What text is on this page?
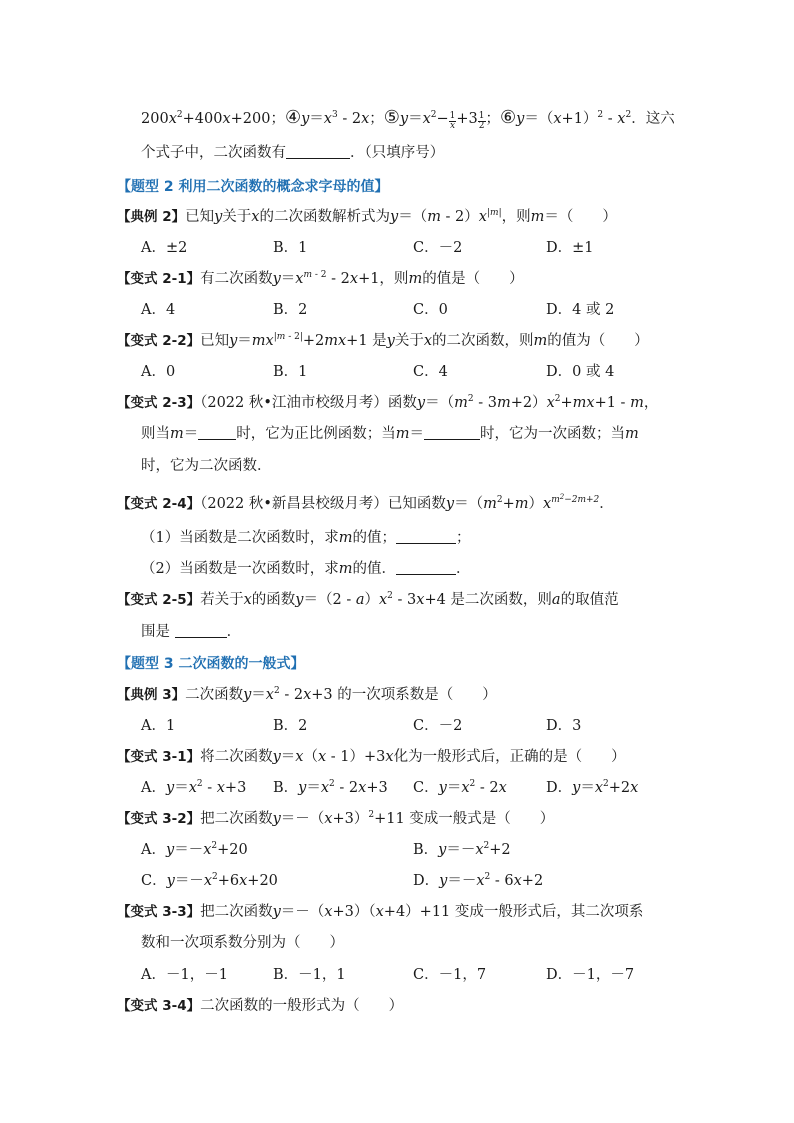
$200x^2+400x+200$；$④y=x^3 - 2x$；$⑤y=x^2- \frac{1}{x} +3 \frac{1}{2}$ ；$⑥y=(x+1)^2 - x^2$．这六
个式子中，二次函数有	．（只填序号）
【题型 2 利用二次函数的概念求字母的值】
【典例 2】已知y关于x的二次函数解析式为$y=(m - 2)x^{|m|}$，则m＝（　　）
A．±2	B．1	C．－2	D．±1
【变式 2-1】有二次函数$y=x^{m - 2} - 2x+1$，则m的值是（　　）
A．4	B．2	C．0	D．4 或 2
【变式 2-2】已知$y=mx^{|m - 2|}+2mx+1$ 是y关于x的二次函数，则m的值为（　　）
A．0	B．1	C．4	D．0 或 4
【变式 2-3】（2022 秋•江油市校级月考）函数$y=(m^2 - 3m+2)x^2+mx+1 - m$，
则当m＝	时，它为正比例函数；当m＝	时，它为一次函数；当m
时，它为二次函数．
【变式 2-4】（2022 秋•新昌县校级月考）已知函数$y=(m^2+m)x^{m^2-2m+2}$．
（1）当函数是二次函数时，求m的值；	；
（2）当函数是一次函数时，求m的值．	．
【变式 2-5】若关于x的函数$y=(2 - a)x^2 - 3x+4$ 是二次函数，则a的取值范
围是	．
【题型 3 二次函数的一般式】
【典例 3】二次函数$y=x^2 - 2x+3$ 的一次项系数是（　　）
A．1	B．2	C．－2	D．3
【变式 3-1】将二次函数y＝x（x - 1）+3x化为一般形式后，正确的是（　　）
A．$y=x^2 - x+3$ B．$y=x^2 - 2x+3$ C．$y=x^2 - 2x$	D．$y=x^2+2x$
【变式 3-2】把二次函数$y=-(x+3)^2+11$ 变成一般式是（　　）
A．$y=-x^2+20$	B．$y=-x^2+2$
C．$y=-x^2+6x+20$	D．$y=-x^2 - 6x+2$
【变式 3-3】把二次函数y＝－（x+3）（x+4）+11 变成一般形式后，其二次项系
数和一次项系数分别为（　　）
A．－1，－1	B．－1，1	C．－1，7	D．－1，－7
【变式 3-4】二次函数的一般形式为（　　）
